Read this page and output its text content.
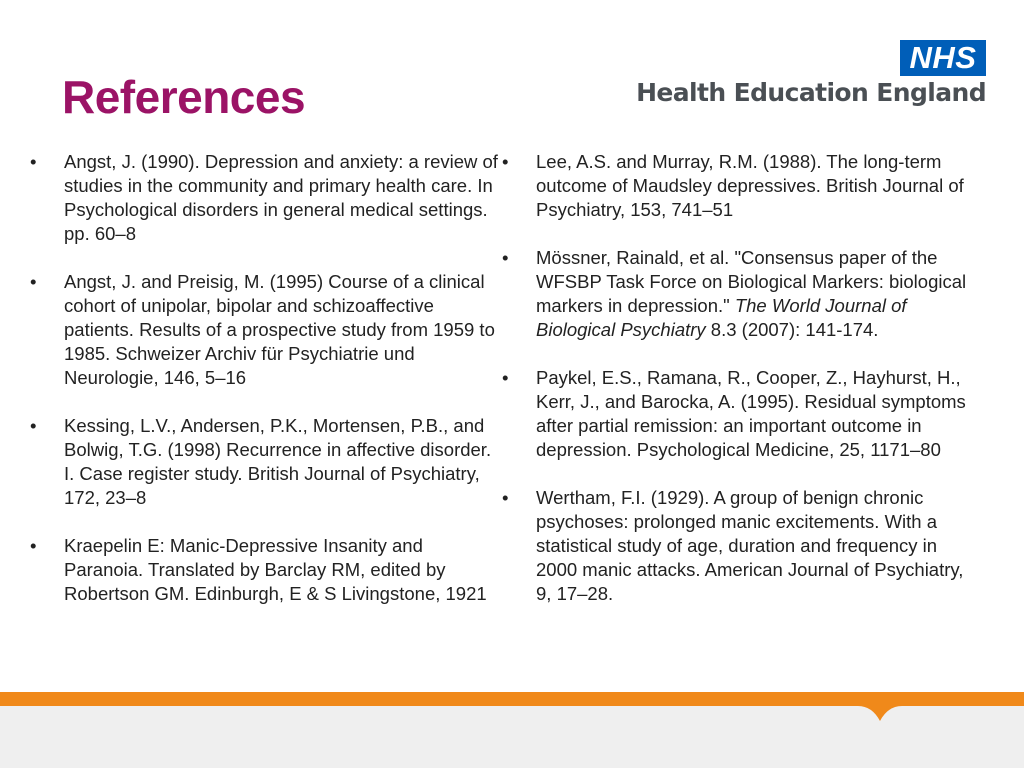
References
NHS
Health Education England
•	Angst, J. (1990). Depression and anxiety: a review of studies in the community and primary health care. In Psychological disorders in general medical settings. pp. 60–8
•	Angst, J. and Preisig, M. (1995) Course of a clinical cohort of unipolar, bipolar and schizoaffective patients. Results of a prospective study from 1959 to 1985. Schweizer Archiv für Psychiatrie und Neurologie, 146, 5–16
•	Kessing, L.V., Andersen, P.K., Mortensen, P.B., and Bolwig, T.G. (1998) Recurrence in affective disorder. I. Case register study. British Journal of Psychiatry, 172, 23–8
•	Kraepelin E: Manic-Depressive Insanity and Paranoia. Translated by Barclay RM, edited by Robertson GM. Edinburgh, E & S Livingstone, 1921
•	Lee, A.S. and Murray, R.M. (1988). The long-term outcome of Maudsley depressives. British Journal of Psychiatry, 153, 741–51
•	Mössner, Rainald, et al. "Consensus paper of the WFSBP Task Force on Biological Markers: biological markers in depression." The World Journal of Biological Psychiatry 8.3 (2007): 141-174.
•	Paykel, E.S., Ramana, R., Cooper, Z., Hayhurst, H., Kerr, J., and Barocka, A. (1995). Residual symptoms after partial remission: an important outcome in depression. Psychological Medicine, 25, 1171–80
•	Wertham, F.I. (1929). A group of benign chronic psychoses: prolonged manic excitements. With a statistical study of age, duration and frequency in 2000 manic attacks. American Journal of Psychiatry, 9, 17–28.
